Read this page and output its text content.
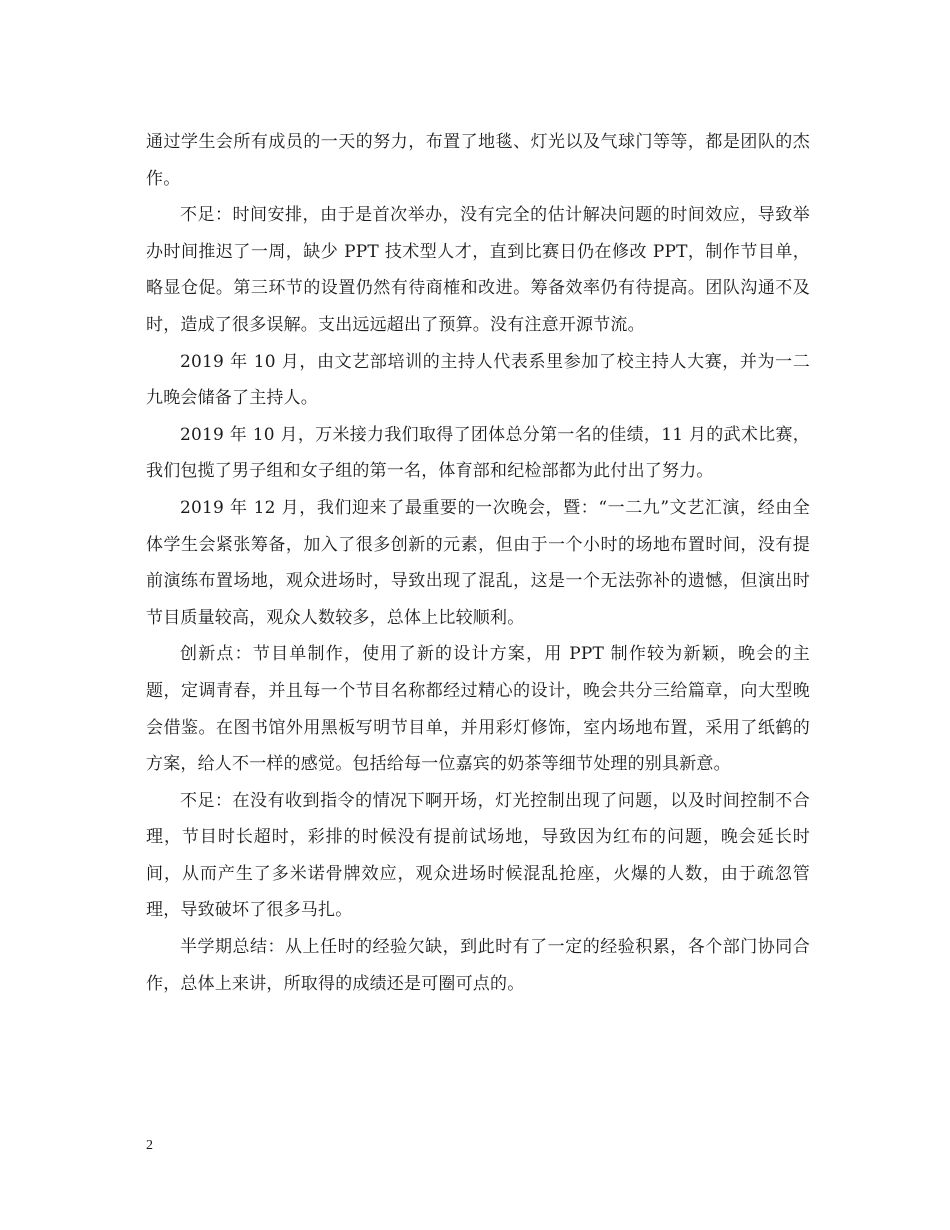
通过学生会所有成员的一天的努力，布置了地毯、灯光以及气球门等等，都是团队的杰作。

不足：时间安排，由于是首次举办，没有完全的估计解决问题的时间效应，导致举办时间推迟了一周，缺少 PPT 技术型人才，直到比赛日仍在修改 PPT，制作节目单，略显仓促。第三环节的设置仍然有待商榷和改进。筹备效率仍有待提高。团队沟通不及时，造成了很多误解。支出远远超出了预算。没有注意开源节流。

2019 年 10 月，由文艺部培训的主持人代表系里参加了校主持人大赛，并为一二九晚会储备了主持人。

2019 年 10 月，万米接力我们取得了团体总分第一名的佳绩，11 月的武术比赛，我们包揽了男子组和女子组的第一名，体育部和纪检部都为此付出了努力。

2019 年 12 月，我们迎来了最重要的一次晚会，暨：“一二九”文艺汇演，经由全体学生会紧张筹备，加入了很多创新的元素，但由于一个小时的场地布置时间，没有提前演练布置场地，观众进场时，导致出现了混乱，这是一个无法弥补的遗憾，但演出时节目质量较高，观众人数较多，总体上比较顺利。

创新点：节目单制作，使用了新的设计方案，用 PPT 制作较为新颖，晚会的主题，定调青春，并且每一个节目名称都经过精心的设计，晚会共分三给篇章，向大型晚会借鉴。在图书馆外用黑板写明节目单，并用彩灯修饰，室内场地布置，采用了纸鹤的方案，给人不一样的感觉。包括给每一位嘉宾的奶茶等细节处理的别具新意。

不足：在没有收到指令的情况下啊开场，灯光控制出现了问题，以及时间控制不合理，节目时长超时，彩排的时候没有提前试场地，导致因为红布的问题，晚会延长时间，从而产生了多米诺骨牌效应，观众进场时候混乱抢座，火爆的人数，由于疏忽管理，导致破坏了很多马扎。

半学期总结：从上任时的经验欠缺，到此时有了一定的经验积累，各个部门协同合作，总体上来讲，所取得的成绩还是可圈可点的。

2
